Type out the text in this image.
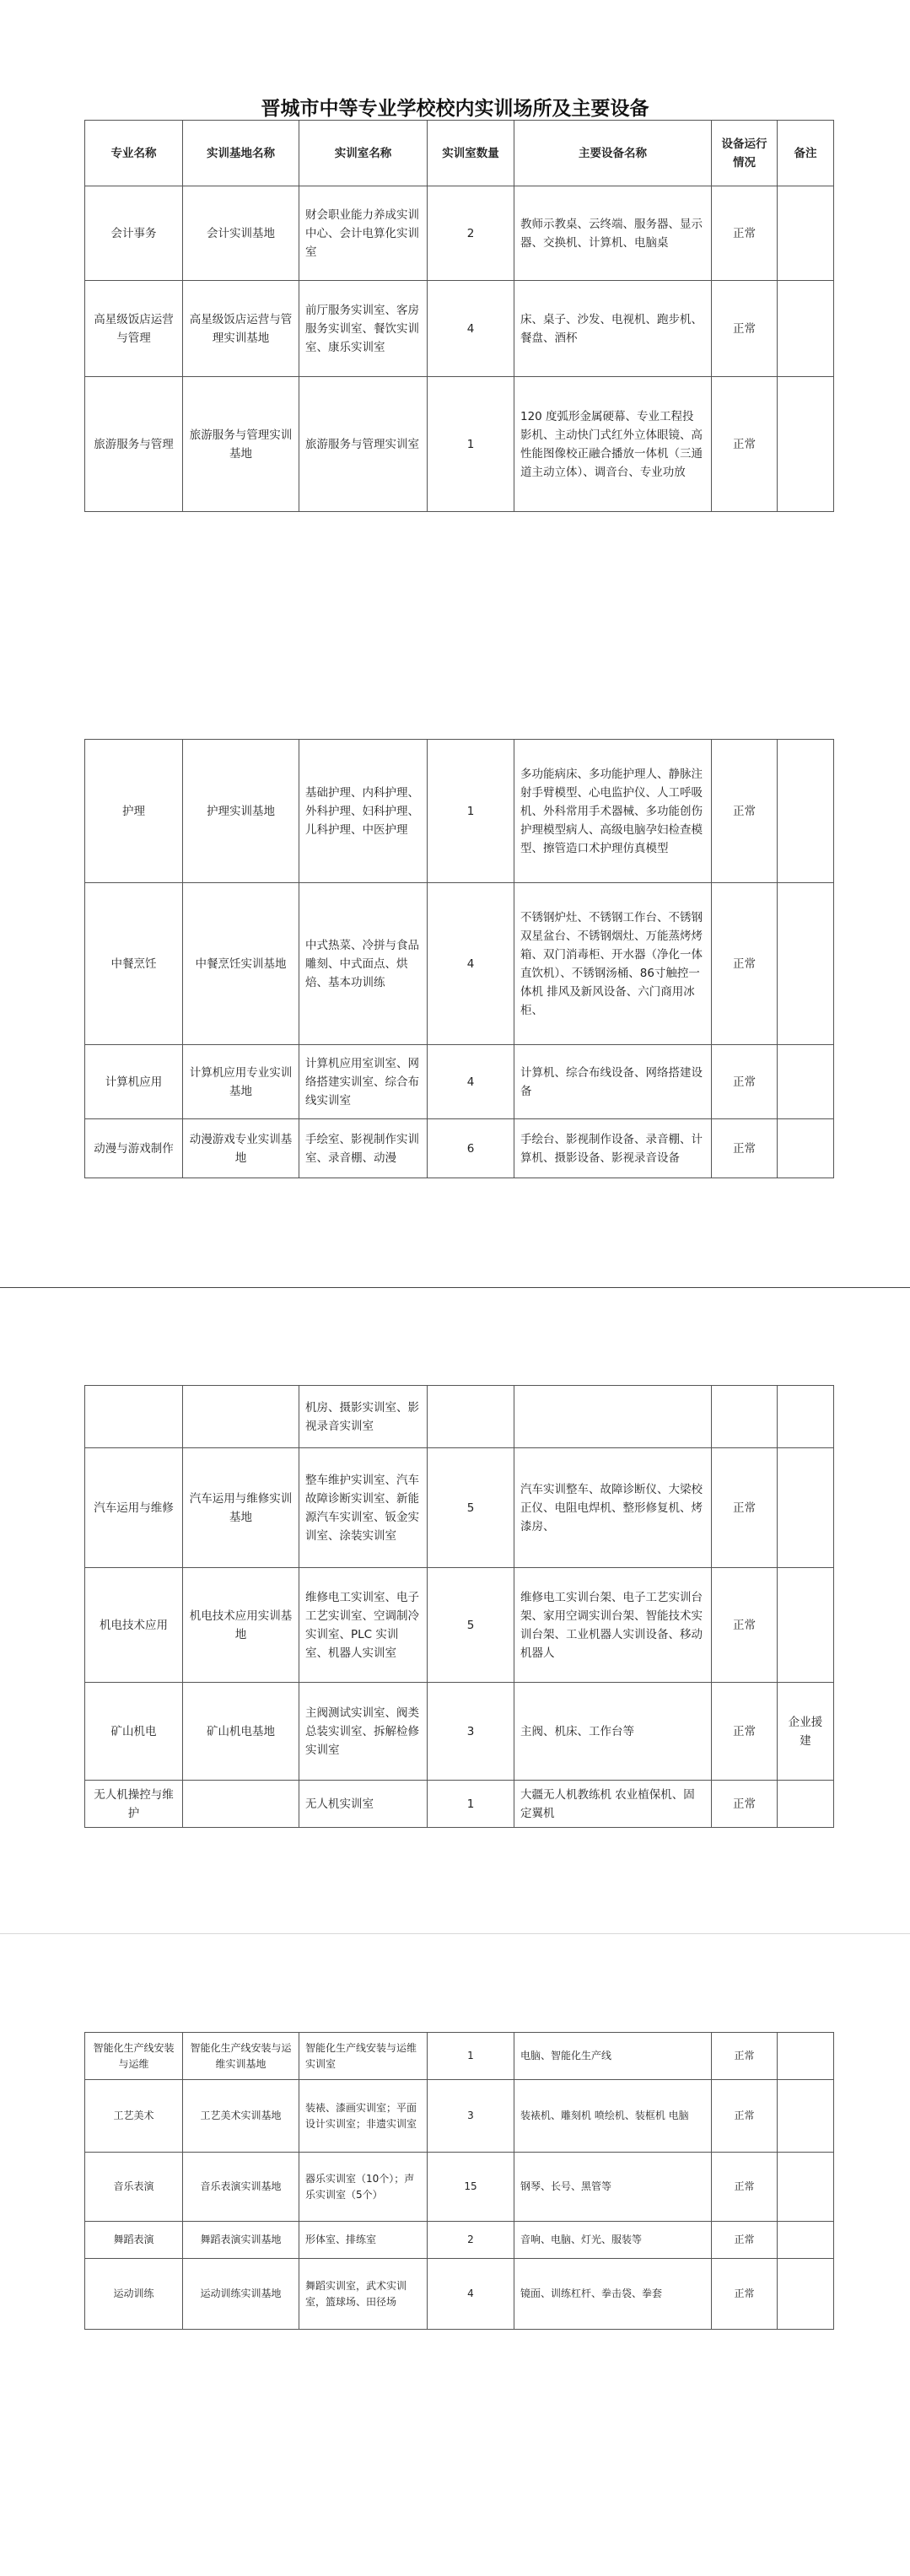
晋城市中等专业学校校内实训场所及主要设备
专业名称	实训基地名称	实训室名称	实训室数量	主要设备名称	设备运行情况	备注
会计事务	会计实训基地	财会职业能力养成实训中心、会计电算化实训室	2	教师示教桌、云终端、服务器、显示器、交换机、计算机、电脑桌	正常	
高星级饭店运营与管理	高星级饭店运营与管理实训基地	前厅服务实训室、客房服务实训室、餐饮实训室、康乐实训室	4	床、桌子、沙发、电视机、跑步机、餐盘、酒杯	正常	
旅游服务与管理	旅游服务与管理实训基地	旅游服务与管理实训室	1	120 度弧形金属硬幕、专业工程投影机、主动快门式红外立体眼镜、高性能图像校正融合播放一体机（三通道主动立体）、调音台、专业功放	正常	
护理	护理实训基地	基础护理、内科护理、外科护理、妇科护理、儿科护理、中医护理	1	多功能病床、多功能护理人、静脉注射手臂模型、心电监护仪、人工呼吸机、外科常用手术器械、多功能创伤护理模型病人、高级电脑孕妇检查模型、擦管造口术护理仿真模型	正常	
中餐烹饪	中餐烹饪实训基地	中式热菜、冷拼与食品雕刻、中式面点、烘焙、基本功训练	4	不锈钢炉灶、不锈钢工作台、不锈钢双星盆台、不锈钢烟灶、万能蒸烤烤箱、双门消毒柜、开水器（净化一体直饮机）、不锈钢汤桶、86寸触控一体机 排风及新风设备、六门商用冰柜、	正常	
计算机应用	计算机应用专业实训基地	计算机应用室训室、网络搭建实训室、综合布线实训室	4	计算机、综合布线设备、网络搭建设备	正常	
动漫与游戏制作	动漫游戏专业实训基地	手绘室、影视制作实训室、录音棚、动漫	6	手绘台、影视制作设备、录音棚、计算机、摄影设备、影视录音设备	正常	
		机房、摄影实训室、影视录音实训室				
汽车运用与维修	汽车运用与维修实训基地	整车维护实训室、汽车故障诊断实训室、新能源汽车实训室、钣金实训室、涂装实训室	5	汽车实训整车、故障诊断仪、大梁校正仪、电阻电焊机、整形修复机、烤漆房、	正常	
机电技术应用	机电技术应用实训基地	维修电工实训室、电子工艺实训室、空调制冷实训室、PLC 实训室、机器人实训室	5	维修电工实训台架、电子工艺实训台架、家用空调实训台架、智能技术实训台架、工业机器人实训设备、移动机器人	正常	
矿山机电	矿山机电基地	主阀测试实训室、阀类总装实训室、拆解检修实训室	3	主阀、机床、工作台等	正常	企业援建
无人机操控与维护		无人机实训室	1	大疆无人机教练机 农业植保机、固定翼机	正常	
智能化生产线安装与运维	智能化生产线安装与运维实训基地	智能化生产线安装与运维实训室	1	电脑、智能化生产线	正常	
工艺美术	工艺美术实训基地	装裱、漆画实训室；平面设计实训室；非遗实训室	3	装裱机、雕刻机 喷绘机、装框机 电脑	正常	
音乐表演	音乐表演实训基地	器乐实训室（10个）；声乐实训室（5个）	15	钢琴、长号、黑管等	正常	
舞蹈表演	舞蹈表演实训基地	形体室、排练室	2	音响、电脑、灯光、服装等	正常	
运动训练	运动训练实训基地	舞蹈实训室，武术实训室，篮球场、田径场	4	镜面、训练杠杆、拳击袋、拳套	正常	
